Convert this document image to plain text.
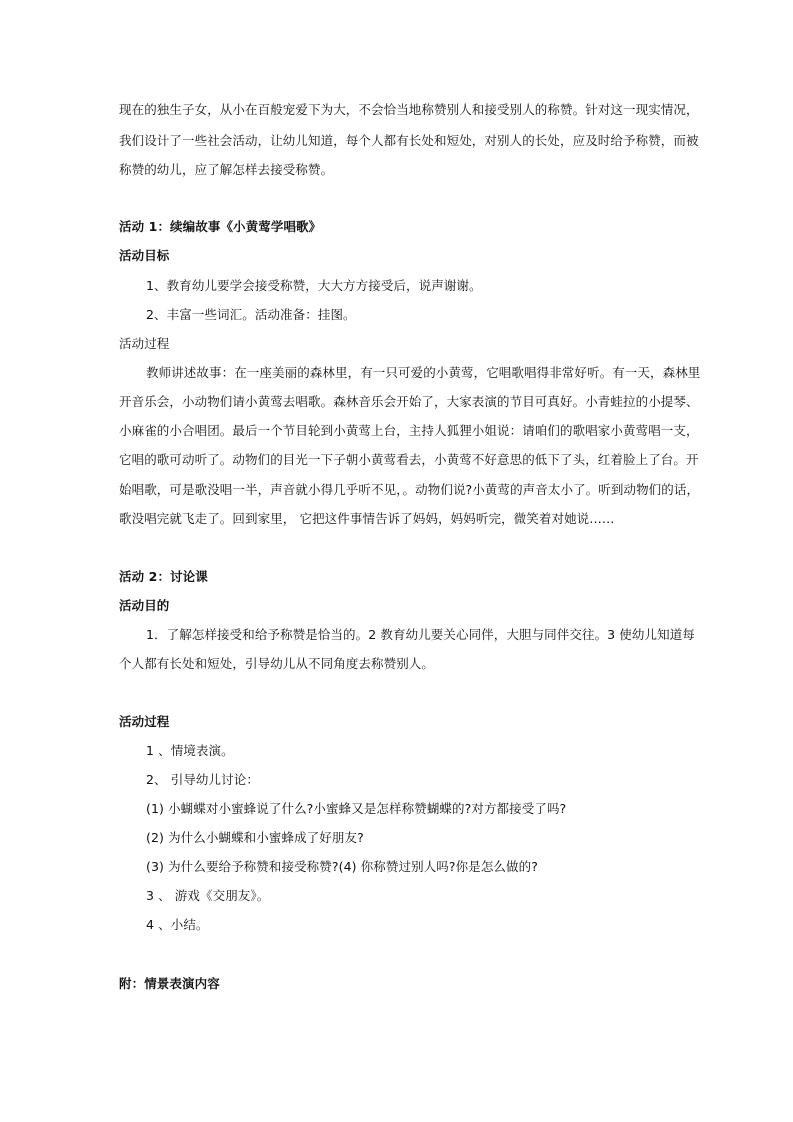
现在的独生子女，从小在百般宠爱下为大，不会恰当地称赞别人和接受别人的称赞。针对这一现实情况，
我们设计了一些社会活动，让幼儿知道，每个人都有长处和短处，对别人的长处，应及时给予称赞，而被
称赞的幼儿，应了解怎样去接受称赞。
活动 1：续编故事《小黄莺学唱歌》
活动目标
1、教育幼儿要学会接受称赞，大大方方接受后，说声谢谢。
2、丰富一些词汇。活动准备：挂图。
活动过程
教师讲述故事：在一座美丽的森林里，有一只可爱的小黄莺，它唱歌唱得非常好听。有一天，森林里
开音乐会，小动物们请小黄莺去唱歌。森林音乐会开始了，大家表演的节目可真好。小青蛙拉的小提琴、
小麻雀的小合唱团。最后一个节目轮到小黄莺上台，主持人狐狸小姐说：请咱们的歌唱家小黄莺唱一支，
它唱的歌可动听了。动物们的目光一下子朝小黄莺看去，小黄莺不好意思的低下了头，红着脸上了台。开
始唱歌，可是歌没唱一半，声音就小得几乎听不见，。动物们说?小黄莺的声音太小了。听到动物们的话，
歌没唱完就飞走了。回到家里， 它把这件事情告诉了妈妈，妈妈听完，微笑着对她说……
活动 2：讨论课
活动目的
1．了解怎样接受和给予称赞是恰当的。2 教育幼儿要关心同伴，大胆与同伴交往。3 使幼儿知道每
个人都有长处和短处，引导幼儿从不同角度去称赞别人。
活动过程
1 、情境表演。
2、 引导幼儿讨论：
(1) 小蝴蝶对小蜜蜂说了什么?小蜜蜂又是怎样称赞蝴蝶的?对方都接受了吗?
(2) 为什么小蝴蝶和小蜜蜂成了好朋友?
(3) 为什么要给予称赞和接受称赞?(4) 你称赞过别人吗?你是怎么做的?
3 、 游戏《交朋友》。
4 、小结。
附：情景表演内容
